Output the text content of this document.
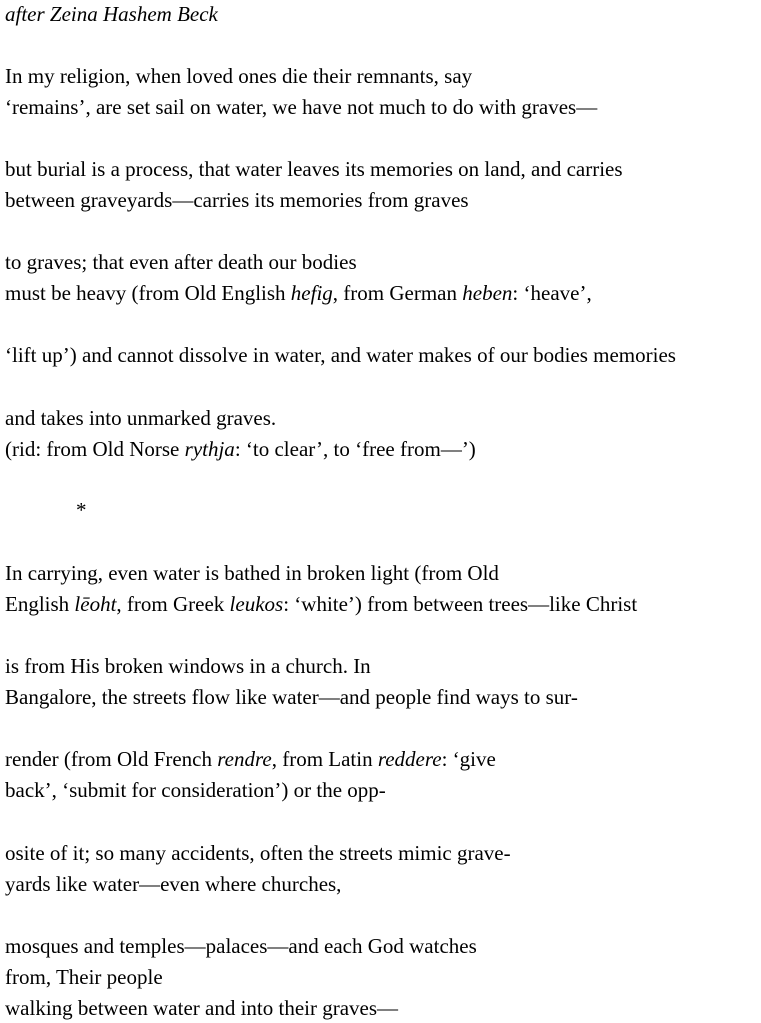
after Zeina Hashem Beck
In my religion, when loved ones die their remnants, say
‘remains’, are set sail on water, we have not much to do with graves—
but burial is a process, that water leaves its memories on land, and carries
between graveyards—carries its memories from graves
to graves; that even after death our bodies
must be heavy (from Old English hefig, from German heben: ‘heave’,
‘lift up’) and cannot dissolve in water, and water makes of our bodies memories
and takes into unmarked graves.
(rid: from Old Norse rythja: ‘to clear’, to ‘free from—’)
*
In carrying, even water is bathed in broken light (from Old
English lēoht, from Greek leukos: ‘white’) from between trees—like Christ
is from His broken windows in a church. In
Bangalore, the streets flow like water—and people find ways to sur-
render (from Old French rendre, from Latin reddere: ‘give
back’, ‘submit for consideration’) or the opp-
osite of it; so many accidents, often the streets mimic grave-
yards like water—even where churches,
mosques and temples—palaces—and each God watches
from, Their people
walking between water and into their graves—
